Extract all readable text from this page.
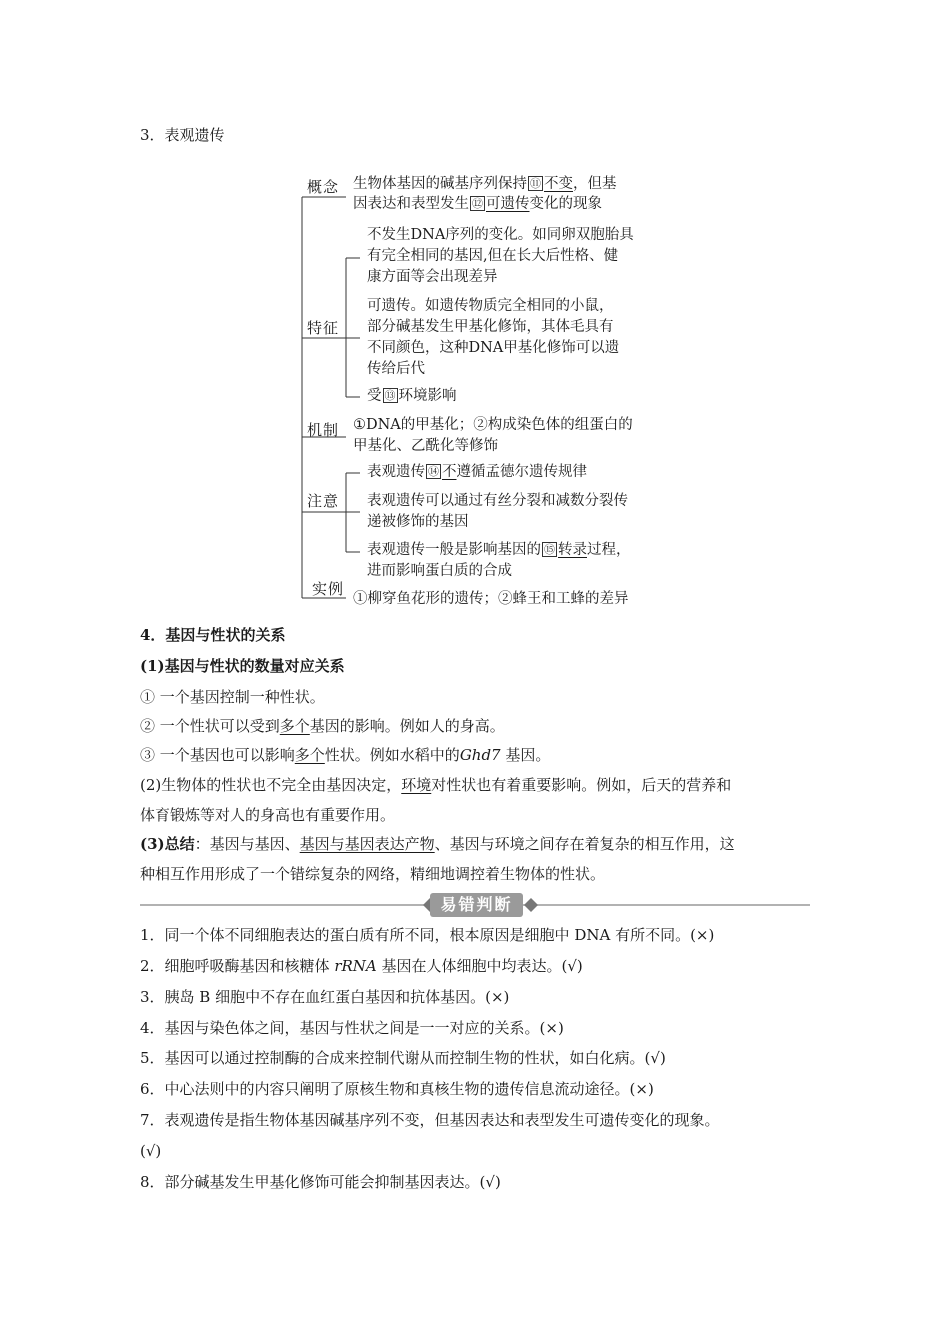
3．表观遗传
概念 生物体基因的碱基序列保持 ⑪ 不变，但基
因表达和表型发生 ⑫ 可遗传变化的现象
特征
不发生DNA序列的变化。如同卵双胞胎具
有完全相同的基因,但在长大后性格、健
康方面等会出现差异
可遗传。如遗传物质完全相同的小鼠，
部分碱基发生甲基化修饰，其体毛具有
不同颜色，这种DNA甲基化修饰可以遗
传给后代
受 ⑬ 环境影响
机制 ①DNA的甲基化；②构成染色体的组蛋白的
甲基化、乙酰化等修饰
注意
表观遗传 ⑭ 不遵循孟德尔遗传规律
表观遗传可以通过有丝分裂和减数分裂传
递被修饰的基因
表观遗传一般是影响基因的 ⑮ 转录过程，
进而影响蛋白质的合成
实例
①柳穿鱼花形的遗传；②蜂王和工蜂的差异
4．基因与性状的关系
(1)基因与性状的数量对应关系
① 一个基因控制一种性状。
② 一个性状可以受到多个基因的影响。例如人的身高。
③ 一个基因也可以影响多个性状。例如水稻中的Ghd7 基因。
(2)生物体的性状也不完全由基因决定，环境对性状也有着重要影响。例如，后天的营养和
体育锻炼等对人的身高也有重要作用。
(3)总结：基因与基因、基因与基因表达产物、基因与环境之间存在着复杂的相互作用，这
种相互作用形成了一个错综复杂的网络，精细地调控着生物体的性状。
易错判断
1．同一个体不同细胞表达的蛋白质有所不同，根本原因是细胞中 DNA 有所不同。(×)
2．细胞呼吸酶基因和核糖体 rRNA 基因在人体细胞中均表达。(√)
3．胰岛 B 细胞中不存在血红蛋白基因和抗体基因。(×)
4．基因与染色体之间，基因与性状之间是一一对应的关系。(×)
5．基因可以通过控制酶的合成来控制代谢从而控制生物的性状，如白化病。(√)
6．中心法则中的内容只阐明了原核生物和真核生物的遗传信息流动途径。(×)
7．表观遗传是指生物体基因碱基序列不变，但基因表达和表型发生可遗传变化的现象。
(√)
8．部分碱基发生甲基化修饰可能会抑制基因表达。(√)
